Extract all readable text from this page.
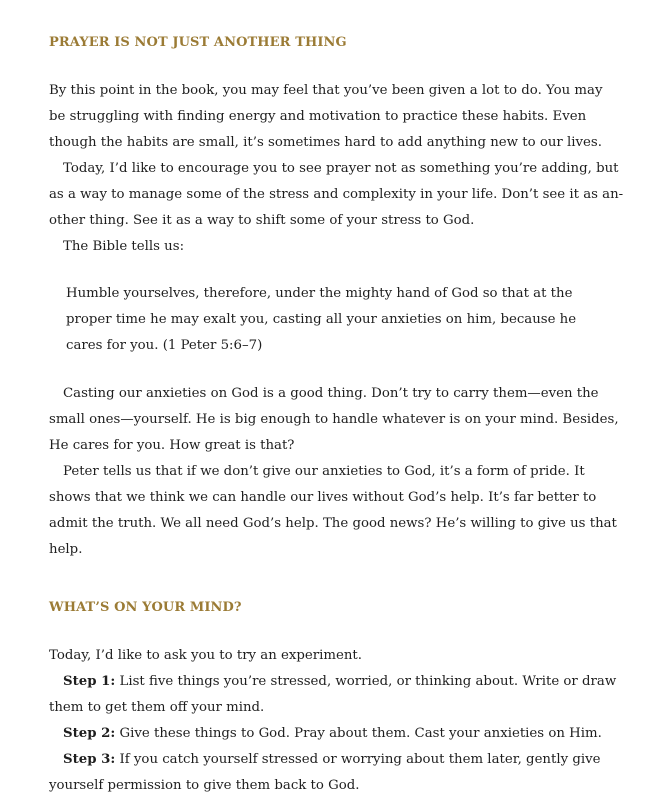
PRAYER IS NOT JUST ANOTHER THING
By this point in the book, you may feel that you’ve been given a lot to do. You may
be struggling with finding energy and motivation to practice these habits. Even
though the habits are small, it’s sometimes hard to add anything new to our lives.
Today, I’d like to encourage you to see prayer not as something you’re adding, but
as a way to manage some of the stress and complexity in your life. Don’t see it as an-
other thing. See it as a way to shift some of your stress to God.
The Bible tells us:
Humble yourselves, therefore, under the mighty hand of God so that at the
proper time he may exalt you, casting all your anxieties on him, because he
cares for you. (1 Peter 5:6–7)
Casting our anxieties on God is a good thing. Don’t try to carry them—even the
small ones—yourself. He is big enough to handle whatever is on your mind. Besides,
He cares for you. How great is that?
Peter tells us that if we don’t give our anxieties to God, it’s a form of pride. It
shows that we think we can handle our lives without God’s help. It’s far better to
admit the truth. We all need God’s help. The good news? He’s willing to give us that
help.
WHAT’S ON YOUR MIND?
Today, I’d like to ask you to try an experiment.
Step 1: List five things you’re stressed, worried, or thinking about. Write or draw
them to get them off your mind.
Step 2: Give these things to God. Pray about them. Cast your anxieties on Him.
Step 3: If you catch yourself stressed or worrying about them later, gently give
yourself permission to give them back to God.
